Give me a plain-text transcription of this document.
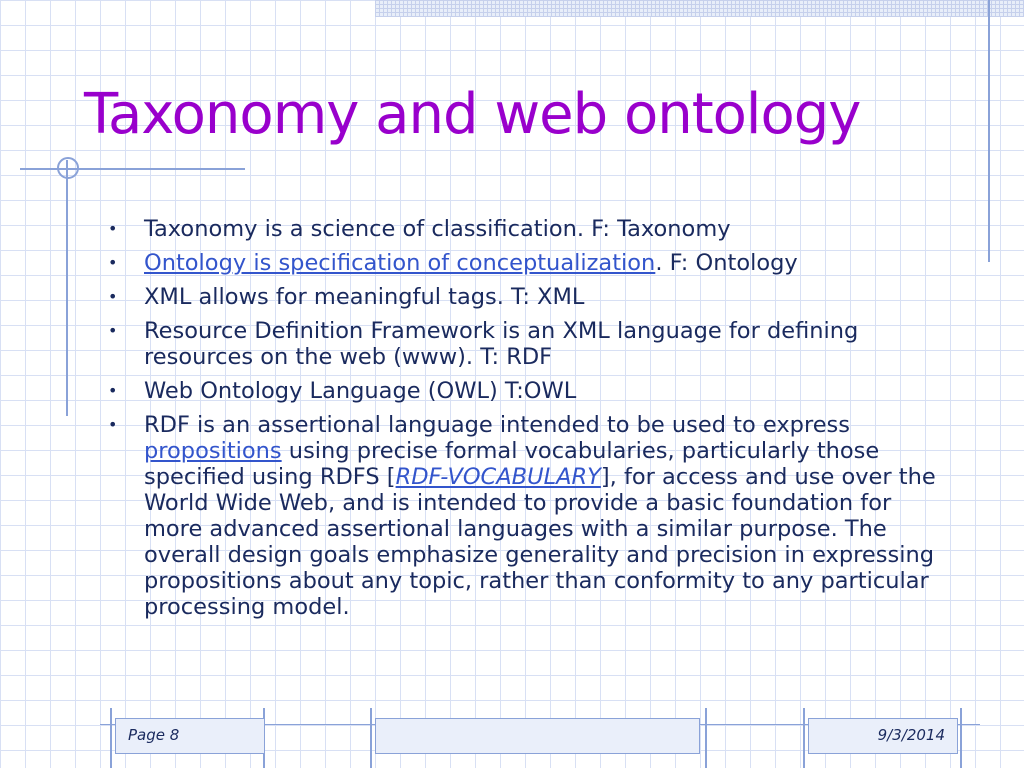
Taxonomy and web ontology
• Taxonomy is a science of classification. F: Taxonomy
• Ontology is specification of conceptualization. F: Ontology
• XML allows for meaningful tags. T: XML
• Resource Definition Framework is an XML language for defining resources on the web (www). T: RDF
• Web Ontology Language (OWL) T:OWL
• RDF is an assertional language intended to be used to express propositions using precise formal vocabularies, particularly those specified using RDFS [RDF-VOCABULARY], for access and use over the World Wide Web, and is intended to provide a basic foundation for more advanced assertional languages with a similar purpose. The overall design goals emphasize generality and precision in expressing propositions about any topic, rather than conformity to any particular processing model.
Page 8	9/3/2014
